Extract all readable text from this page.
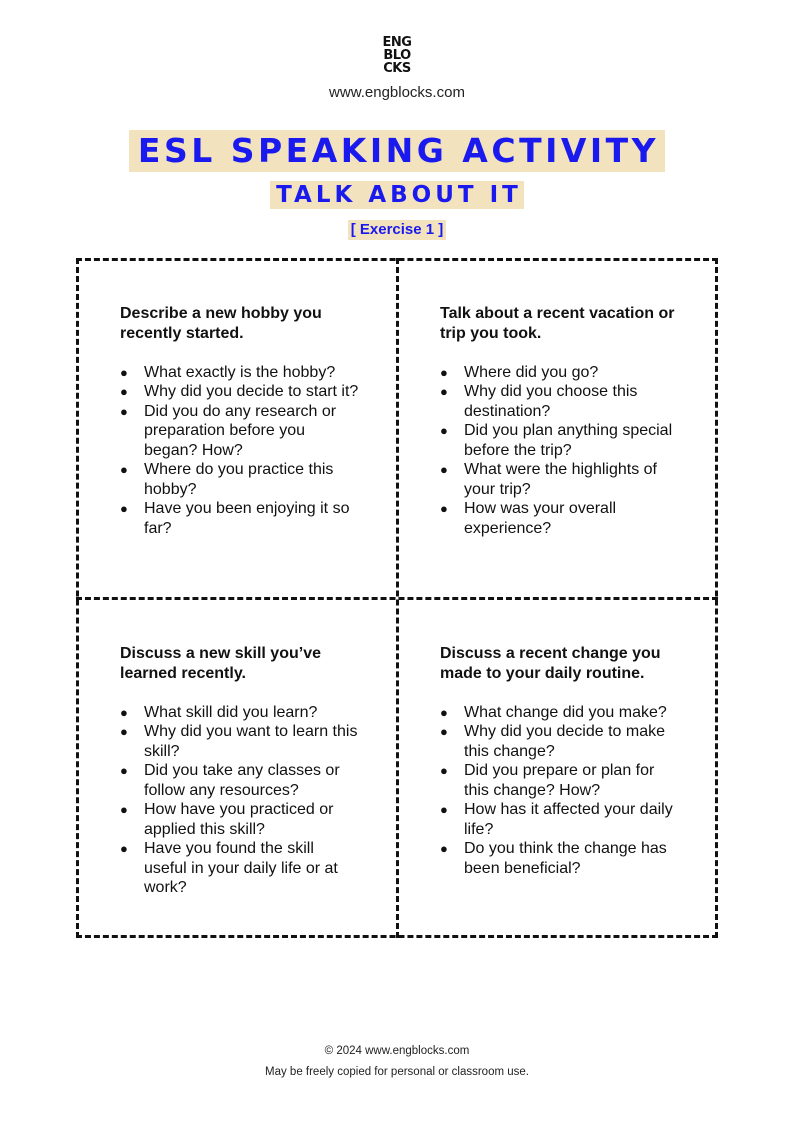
ENG
BLO
CKS
www.engblocks.com
ESL SPEAKING ACTIVITY
TALK ABOUT IT
[ Exercise 1 ]
Describe a new hobby you recently started.
● What exactly is the hobby?
● Why did you decide to start it?
● Did you do any research or preparation before you began? How?
● Where do you practice this hobby?
● Have you been enjoying it so far?
Talk about a recent vacation or trip you took.
● Where did you go?
● Why did you choose this destination?
● Did you plan anything special before the trip?
● What were the highlights of your trip?
● How was your overall experience?
Discuss a new skill you’ve learned recently.
● What skill did you learn?
● Why did you want to learn this skill?
● Did you take any classes or follow any resources?
● How have you practiced or applied this skill?
● Have you found the skill useful in your daily life or at work?
Discuss a recent change you made to your daily routine.
● What change did you make?
● Why did you decide to make this change?
● Did you prepare or plan for this change? How?
● How has it affected your daily life?
● Do you think the change has been beneficial?
© 2024 www.engblocks.com
May be freely copied for personal or classroom use.
